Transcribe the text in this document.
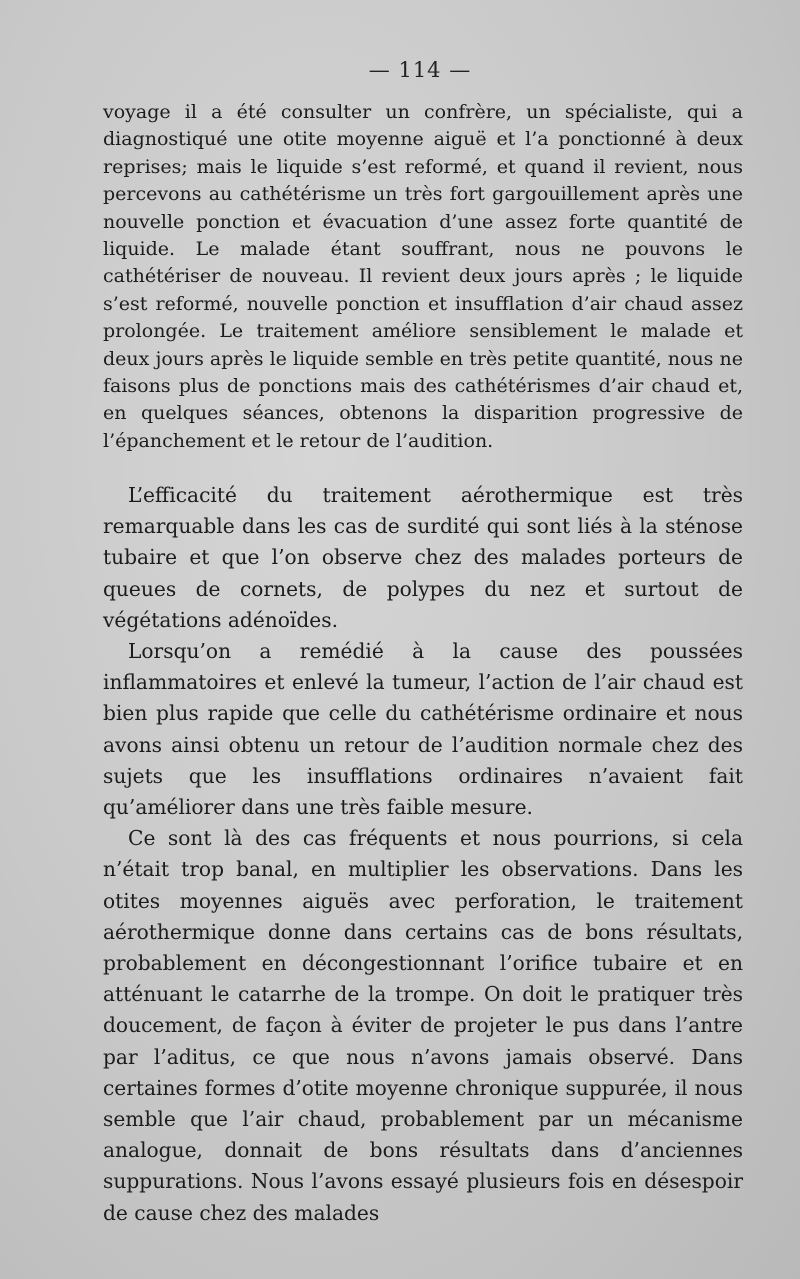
— 114 —

voyage il a été consulter un confrère, un spécialiste, qui a diagnostiqué une otite moyenne aiguë et l’a ponctionné à deux reprises; mais le liquide s’est reformé, et quand il revient, nous percevons au cathétérisme un très fort gargouillement après une nouvelle ponction et évacuation d’une assez forte quantité de liquide. Le malade étant souffrant, nous ne pouvons le cathétériser de nouveau. Il revient deux jours après ; le liquide s’est reformé, nouvelle ponction et insufflation d’air chaud assez prolongée. Le traitement améliore sensiblement le malade et deux jours après le liquide semble en très petite quantité, nous ne faisons plus de ponctions mais des cathétérismes d’air chaud et, en quelques séances, obtenons la disparition progressive de l’épanchement et le retour de l’audition.

L’efficacité du traitement aérothermique est très remarquable dans les cas de surdité qui sont liés à la sténose tubaire et que l’on observe chez des malades porteurs de queues de cornets, de polypes du nez et surtout de végétations adénoïdes.

Lorsqu’on a remédié à la cause des poussées inflammatoires et enlevé la tumeur, l’action de l’air chaud est bien plus rapide que celle du cathétérisme ordinaire et nous avons ainsi obtenu un retour de l’audition normale chez des sujets que les insufflations ordinaires n’avaient fait qu’améliorer dans une très faible mesure.

Ce sont là des cas fréquents et nous pourrions, si cela n’était trop banal, en multiplier les observations. Dans les otites moyennes aiguës avec perforation, le traitement aérothermique donne dans certains cas de bons résultats, probablement en décongestionnant l’orifice tubaire et en atténuant le catarrhe de la trompe. On doit le pratiquer très doucement, de façon à éviter de projeter le pus dans l’antre par l’aditus, ce que nous n’avons jamais observé. Dans certaines formes d’otite moyenne chronique suppurée, il nous semble que l’air chaud, probablement par un mécanisme analogue, donnait de bons résultats dans d’anciennes suppurations. Nous l’avons essayé plusieurs fois en désespoir de cause chez des malades
